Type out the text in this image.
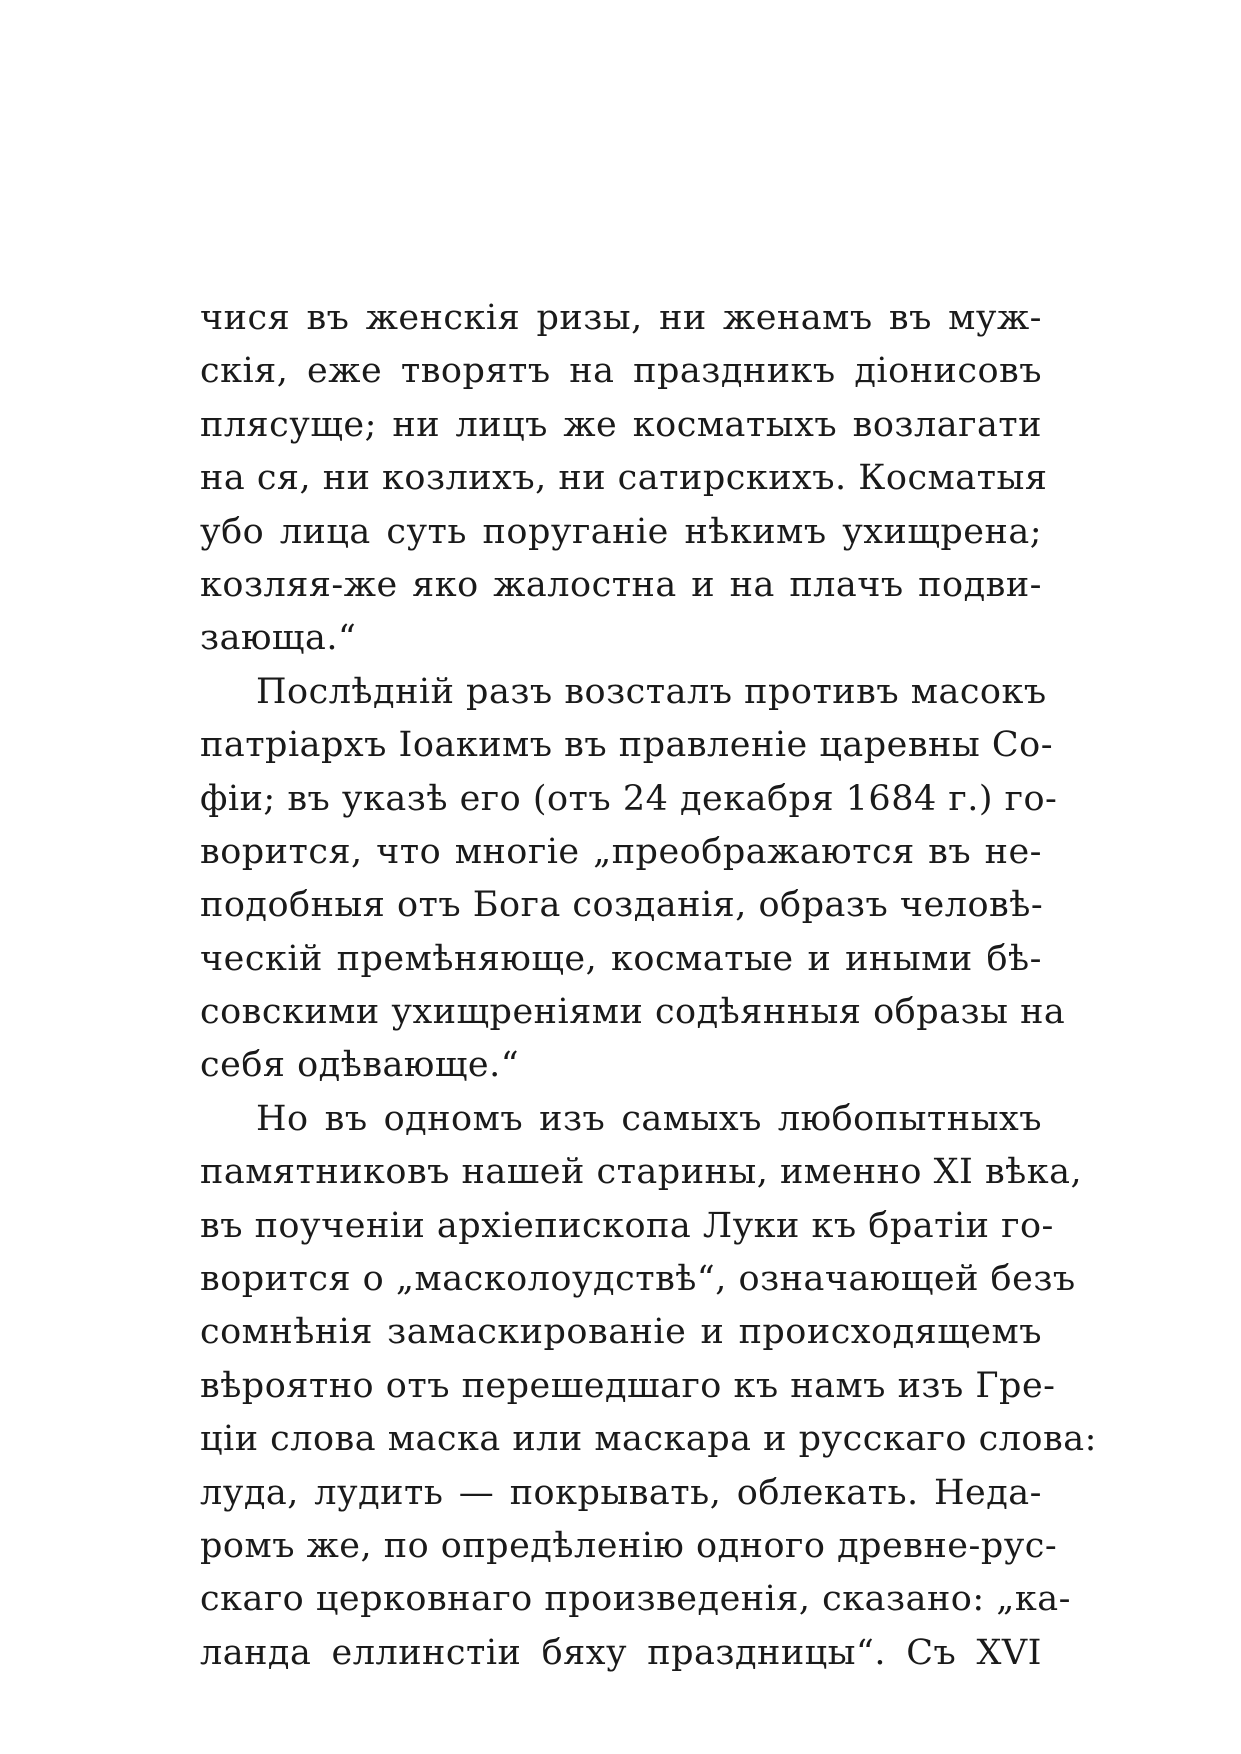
чися въ женскія ризы, ни женамъ въ муж-
скія, еже творятъ на праздникъ діонисовъ
плясуще; ни лицъ же косматыхъ возлагати
на ся, ни козлихъ, ни сатирскихъ. Косматыя
убо лица суть поруганіе нѣкимъ ухищрена;
козляя-же яко жалостна и на плачъ подви-
зающа.“
Послѣдній разъ возсталъ противъ масокъ
патріархъ Іоакимъ въ правленіе царевны Со-
фіи; въ указѣ его (отъ 24 декабря 1684 г.) го-
ворится, что многіе „преображаются въ не-
подобныя отъ Бога созданія, образъ человѣ-
ческій премѣняюще, косматые и иными бѣ-
совскими ухищреніями содѣянныя образы на
себя одѣвающе.“
Но въ одномъ изъ самыхъ любопытныхъ
памятниковъ нашей старины, именно XI вѣка,
въ поученіи архіепископа Луки къ братіи го-
ворится о „масколоудствѣ“, означающей безъ
сомнѣнія замаскированіе и происходящемъ
вѣроятно отъ перешедшаго къ намъ изъ Гре-
ціи слова маска или маскара и русскаго слова:
луда, лудить — покрывать, облекать. Неда-
ромъ же, по опредѣленію одного древне-рус-
скаго церковнаго произведенія, сказано: „ка-
ланда еллинстіи бяху праздницы“. Съ XVI
